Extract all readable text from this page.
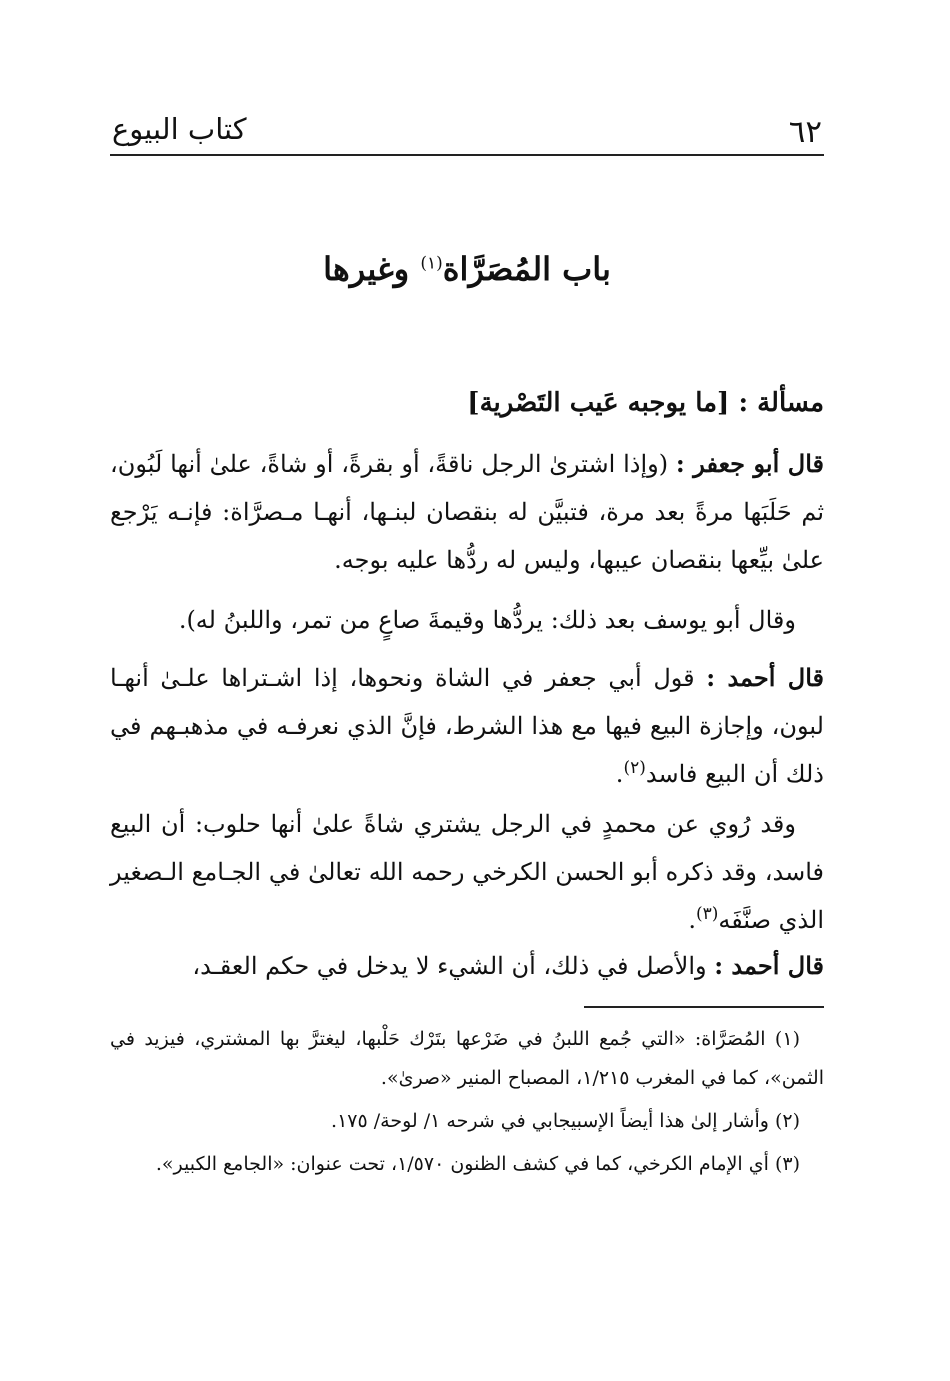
٦٢
كتاب البيوع
باب المُصَرَّاة$^{(١)}$ وغيرها
مسألة : [ما يوجبه عَيب التَصْرية]

قال أبو جعفر : (وإذا اشترىٰ الرجل ناقةً، أو بقرةً، أو شاةً، علىٰ أنها لَبُون، ثم حَلَبَها مرةً بعد مرة، فتبيَّن له بنقصان لبنـها، أنهـا مـصرَّاة: فإنـه يَرْجع علىٰ بيِّعها بنقصان عيبها، وليس له ردُّها عليه بوجه.

وقال أبو يوسف بعد ذلك: يردُّها وقيمةَ صاعٍ من تمر، واللبنُ له).

قال أحمد : قول أبي جعفر في الشاة ونحوها، إذا اشـتراها علـىٰ أنهـا لبون، وإجازة البيع فيها مع هذا الشرط، فإنَّ الذي نعرفـه في مذهبـهم في ذلك أن البيع فاسد$^{(٢)}$.

وقد رُوي عن محمدٍ في الرجل يشتري شاةً علىٰ أنها حلوب: أن البيع فاسد، وقد ذكره أبو الحسن الكرخي رحمه الله تعالىٰ في الجـامع الـصغير الذي صنَّفَه$^{(٣)}$.

قال أحمد : والأصل في ذلك، أن الشيء لا يدخل في حكم العقـد،

(١) المُصَرَّاة: «التي جُمع اللبنُ في ضَرْعها بتَرْك حَلْبها، ليغترَّ بها المشتري، فيزيد في الثمن»، كما في المغرب ١/٢١٥، المصباح المنير «صرىٰ».

(٢) وأشار إلىٰ هذا أيضاً الإسبيجابي في شرحه ١/ لوحة/ ١٧٥.

(٣) أي الإمام الكرخي، كما في كشف الظنون ١/٥٧٠، تحت عنوان: «الجامع الكبير».
